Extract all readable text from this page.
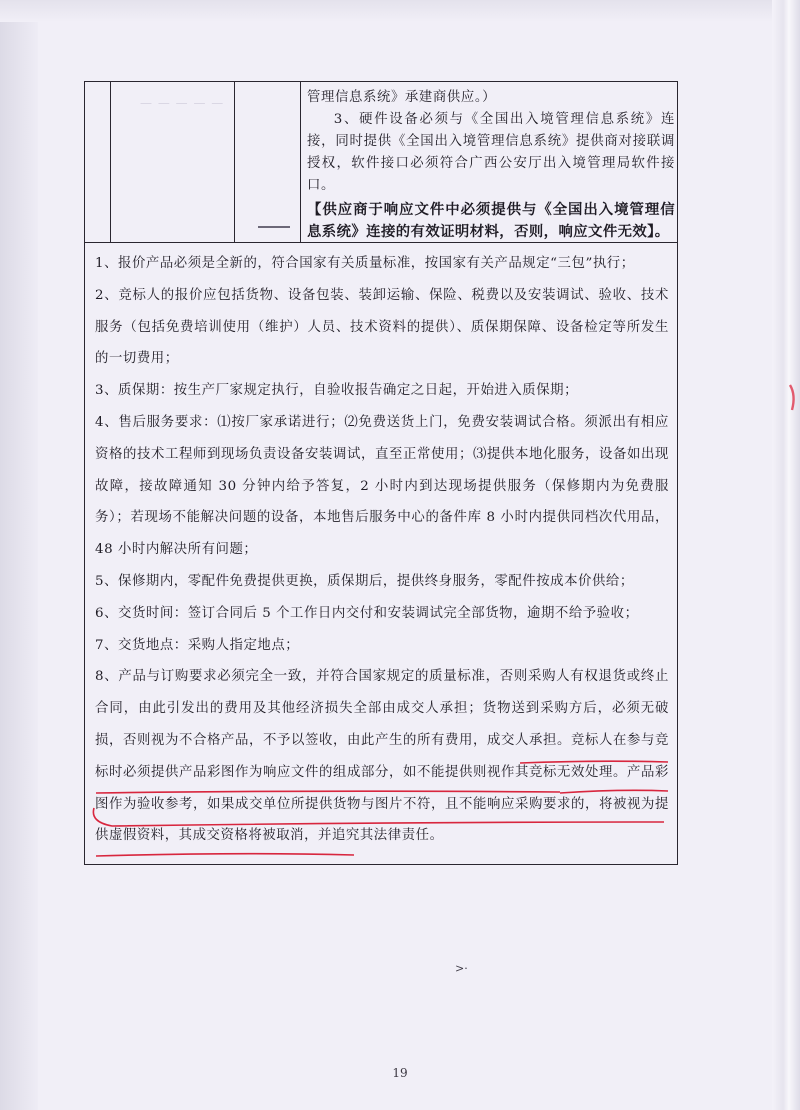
— — — — —	管理信息系统》承建商供应。）

3、硬件设备必须与《全国出入境管理信息系统》连接，同时提供《全国出入境管理信息系统》提供商对接联调授权，软件接口必须符合广西公安厅出入境管理局软件接口。

【供应商于响应文件中必须提供与《全国出入境管理信息系统》连接的有效证明材料，否则，响应文件无效】。

1、报价产品必须是全新的，符合国家有关质量标准，按国家有关产品规定“三包”执行；

2、竞标人的报价应包括货物、设备包装、装卸运输、保险、税费以及安装调试、验收、技术服务（包括免费培训使用（维护）人员、技术资料的提供）、质保期保障、设备检定等所发生的一切费用；

3、质保期：按生产厂家规定执行，自验收报告确定之日起，开始进入质保期；

4、售后服务要求：⑴按厂家承诺进行；⑵免费送货上门，免费安装调试合格。须派出有相应资格的技术工程师到现场负责设备安装调试，直至正常使用；⑶提供本地化服务，设备如出现故障，接故障通知 30 分钟内给予答复，2 小时内到达现场提供服务（保修期内为免费服务）；若现场不能解决问题的设备，本地售后服务中心的备件库 8 小时内提供同档次代用品，48 小时内解决所有问题；

5、保修期内，零配件免费提供更换，质保期后，提供终身服务，零配件按成本价供给；

6、交货时间：签订合同后 5 个工作日内交付和安装调试完全部货物，逾期不给予验收；

7、交货地点：采购人指定地点；

8、产品与订购要求必须完全一致，并符合国家规定的质量标准，否则采购人有权退货或终止合同，由此引发出的费用及其他经济损失全部由成交人承担；货物送到采购方后，必须无破损，否则视为不合格产品，不予以签收，由此产生的所有费用，成交人承担。竞标人在参与竞标时必须提供产品彩图作为响应文件的组成部分，如不能提供则视作其竞标无效处理。产品彩图作为验收参考，如果成交单位所提供货物与图片不符，且不能响应采购要求的，将被视为提供虚假资料，其成交资格将被取消，并追究其法律责任。

>·
19
